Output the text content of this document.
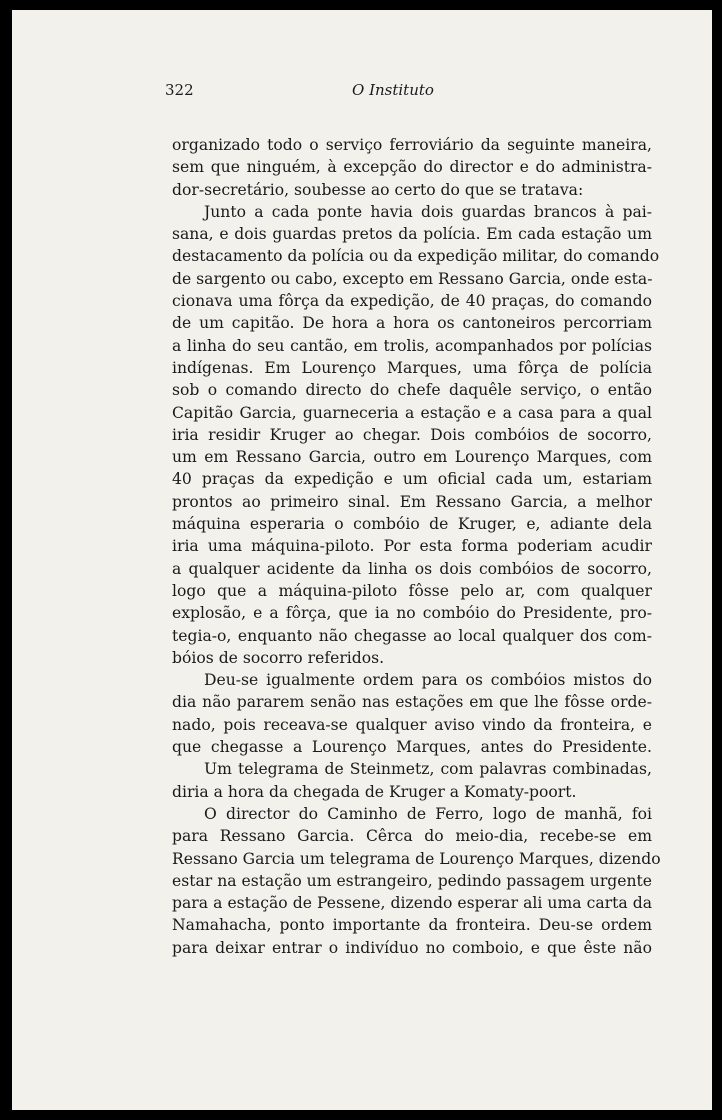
322	O Instituto
organizado todo o serviço ferroviário da seguinte maneira,
sem que ninguém, à excepção do director e do administra-
dor-secretário, soubesse ao certo do que se tratava:
Junto a cada ponte havia dois guardas brancos à pai-
sana, e dois guardas pretos da polícia. Em cada estação um
destacamento da polícia ou da expedição militar, do comando
de sargento ou cabo, excepto em Ressano Garcia, onde esta-
cionava uma fôrça da expedição, de 40 praças, do comando
de um capitão. De hora a hora os cantoneiros percorriam
a linha do seu cantão, em trolis, acompanhados por polícias
indígenas. Em Lourenço Marques, uma fôrça de polícia
sob o comando directo do chefe daquêle serviço, o então
Capitão Garcia, guarneceria a estação e a casa para a qual
iria residir Kruger ao chegar. Dois combóios de socorro,
um em Ressano Garcia, outro em Lourenço Marques, com
40 praças da expedição e um oficial cada um, estariam
prontos ao primeiro sinal. Em Ressano Garcia, a melhor
máquina esperaria o combóio de Kruger, e, adiante dela
iria uma máquina-piloto. Por esta forma poderiam acudir
a qualquer acidente da linha os dois combóios de socorro,
logo que a máquina-piloto fôsse pelo ar, com qualquer
explosão, e a fôrça, que ia no combóio do Presidente, pro-
tegia-o, enquanto não chegasse ao local qualquer dos com-
bóios de socorro referidos.
Deu-se igualmente ordem para os combóios mistos do
dia não pararem senão nas estações em que lhe fôsse orde-
nado, pois receava-se qualquer aviso vindo da fronteira, e
que chegasse a Lourenço Marques, antes do Presidente.
Um telegrama de Steinmetz, com palavras combinadas,
diria a hora da chegada de Kruger a Komaty-poort.
O director do Caminho de Ferro, logo de manhã, foi
para Ressano Garcia. Cêrca do meio-dia, recebe-se em
Ressano Garcia um telegrama de Lourenço Marques, dizendo
estar na estação um estrangeiro, pedindo passagem urgente
para a estação de Pessene, dizendo esperar ali uma carta da
Namahacha, ponto importante da fronteira. Deu-se ordem
para deixar entrar o indivíduo no comboio, e que êste não
